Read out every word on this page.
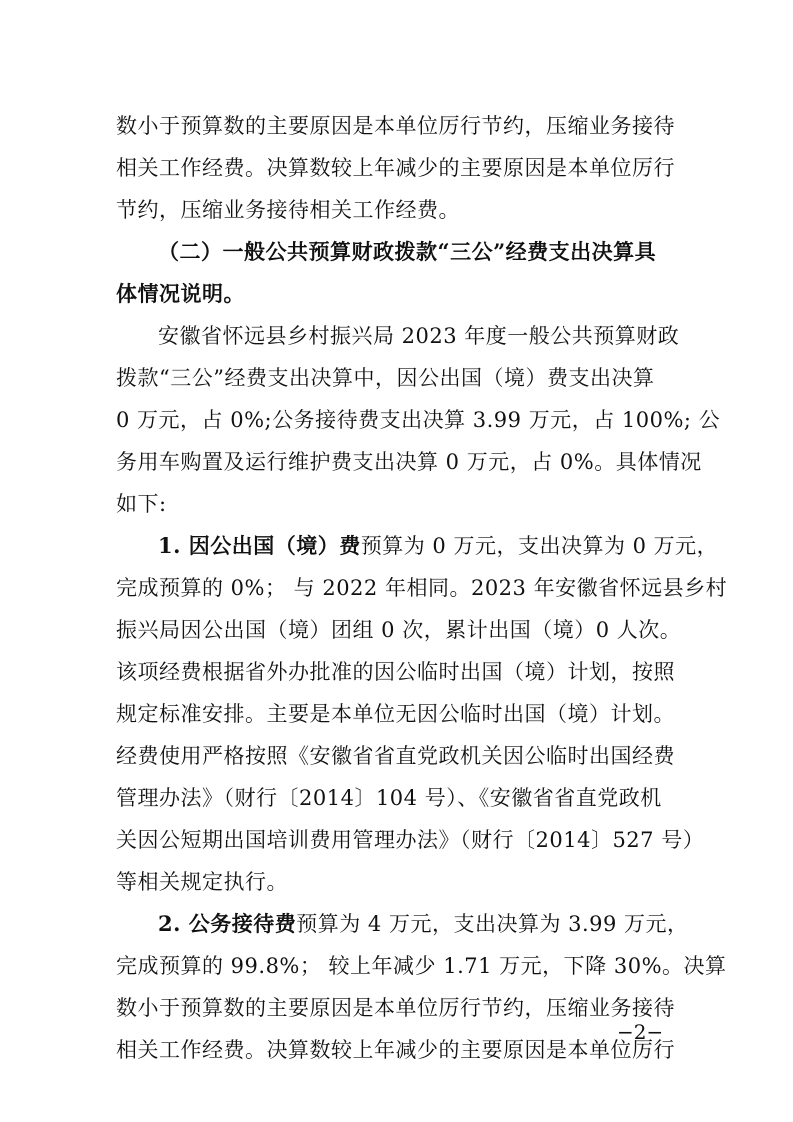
数小于预算数的主要原因是本单位厉行节约，压缩业务接待
相关工作经费。决算数较上年减少的主要原因是本单位厉行
节约，压缩业务接待相关工作经费。
（二）一般公共预算财政拨款“三公”经费支出决算具
体情况说明。
安徽省怀远县乡村振兴局 2023 年度一般公共预算财政
拨款“三公”经费支出决算中，因公出国（境）费支出决算
0 万元，占 0%;公务接待费支出决算 3.99 万元，占 100%; 公
务用车购置及运行维护费支出决算 0 万元，占 0%。具体情况
如下:
1. 因公出国（境）费预算为 0 万元，支出决算为 0 万元，
完成预算的 0%； 与 2022 年相同。2023 年安徽省怀远县乡村
振兴局因公出国（境）团组 0 次，累计出国（境）0 人次。
该项经费根据省外办批准的因公临时出国（境）计划，按照
规定标准安排。主要是本单位无因公临时出国（境）计划。
经费使用严格按照《安徽省省直党政机关因公临时出国经费
管理办法》（财行〔2014〕104 号）、《安徽省省直党政机
关因公短期出国培训费用管理办法》（财行〔2014〕527 号）
等相关规定执行。
2. 公务接待费预算为 4 万元，支出决算为 3.99 万元，
完成预算的 99.8%； 较上年减少 1.71 万元，下降 30%。决算
数小于预算数的主要原因是本单位厉行节约，压缩业务接待
相关工作经费。决算数较上年减少的主要原因是本单位厉行
−2−
